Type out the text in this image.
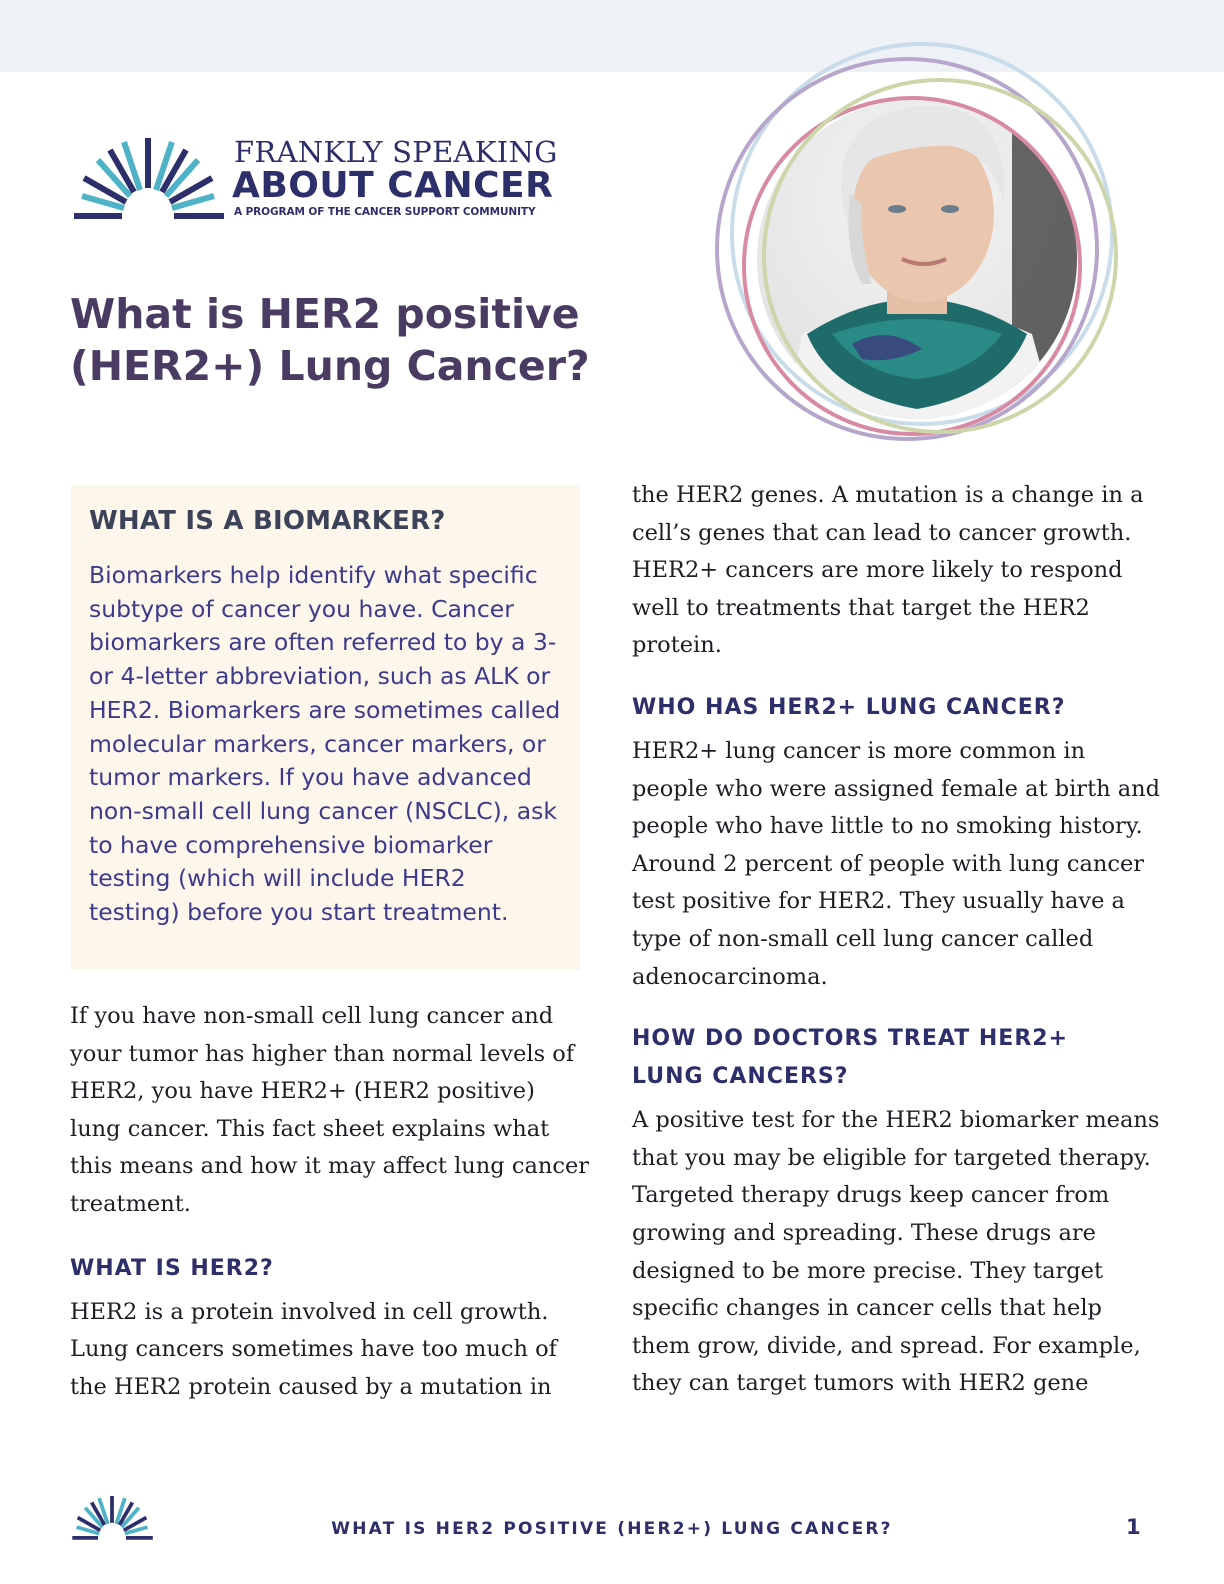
FRANKLY SPEAKING
ABOUT CANCER
A PROGRAM OF THE CANCER SUPPORT COMMUNITY
What is HER2 positive (HER2+) Lung Cancer?
WHAT IS A BIOMARKER?

Biomarkers help identify what specific subtype of cancer you have. Cancer biomarkers are often referred to by a 3- or 4-letter abbreviation, such as ALK or HER2. Biomarkers are sometimes called molecular markers, cancer markers, or tumor markers. If you have advanced non-small cell lung cancer (NSCLC), ask to have comprehensive biomarker testing (which will include HER2 testing) before you start treatment.

If you have non-small cell lung cancer and your tumor has higher than normal levels of HER2, you have HER2+ (HER2 positive) lung cancer. This fact sheet explains what this means and how it may affect lung cancer treatment.

WHAT IS HER2?

HER2 is a protein involved in cell growth. Lung cancers sometimes have too much of the HER2 protein caused by a mutation in

the HER2 genes. A mutation is a change in a cell’s genes that can lead to cancer growth. HER2+ cancers are more likely to respond well to treatments that target the HER2 protein.

WHO HAS HER2+ LUNG CANCER?

HER2+ lung cancer is more common in people who were assigned female at birth and people who have little to no smoking history. Around 2 percent of people with lung cancer test positive for HER2. They usually have a type of non-small cell lung cancer called adenocarcinoma.

HOW DO DOCTORS TREAT HER2+ LUNG CANCERS?

A positive test for the HER2 biomarker means that you may be eligible for targeted therapy. Targeted therapy drugs keep cancer from growing and spreading. These drugs are designed to be more precise. They target specific changes in cancer cells that help them grow, divide, and spread. For example, they can target tumors with HER2 gene

WHAT IS HER2 POSITIVE (HER2+) LUNG CANCER?	1
